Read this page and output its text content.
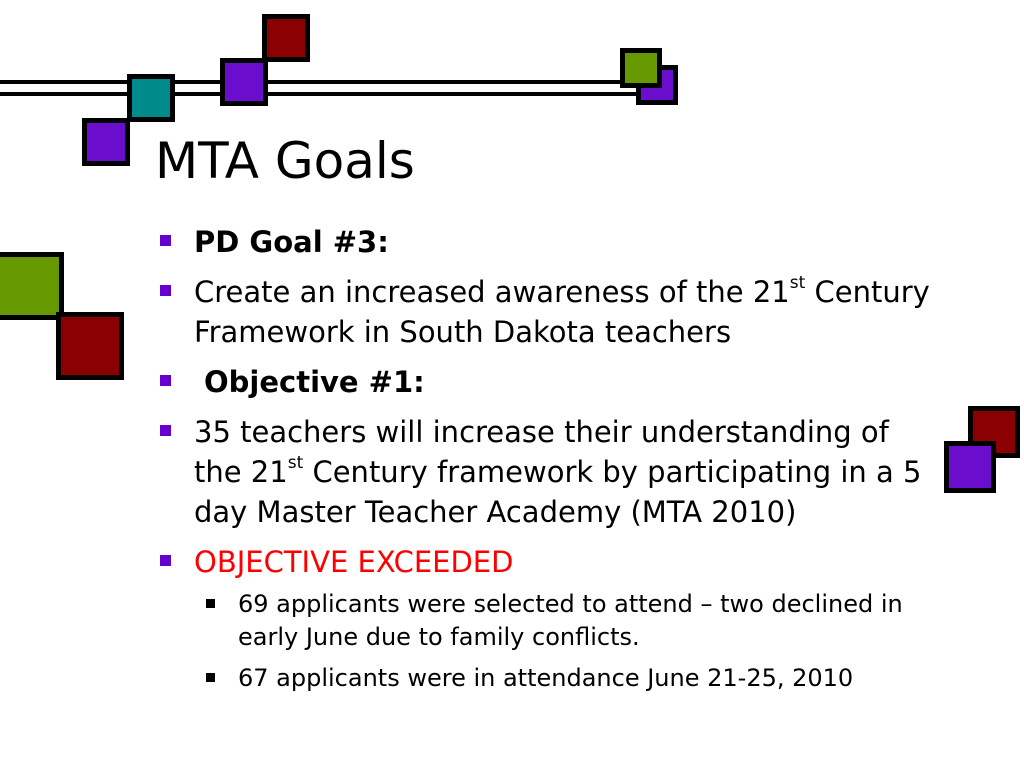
MTA Goals
PD Goal #3:
Create an increased awareness of the 21st Century Framework in South Dakota teachers
Objective #1:
35 teachers will increase their understanding of the 21st Century framework by participating in a 5 day Master Teacher Academy (MTA 2010)
OBJECTIVE EXCEEDED
69 applicants were selected to attend – two declined in early June due to family conflicts.
67 applicants were in attendance June 21-25, 2010
